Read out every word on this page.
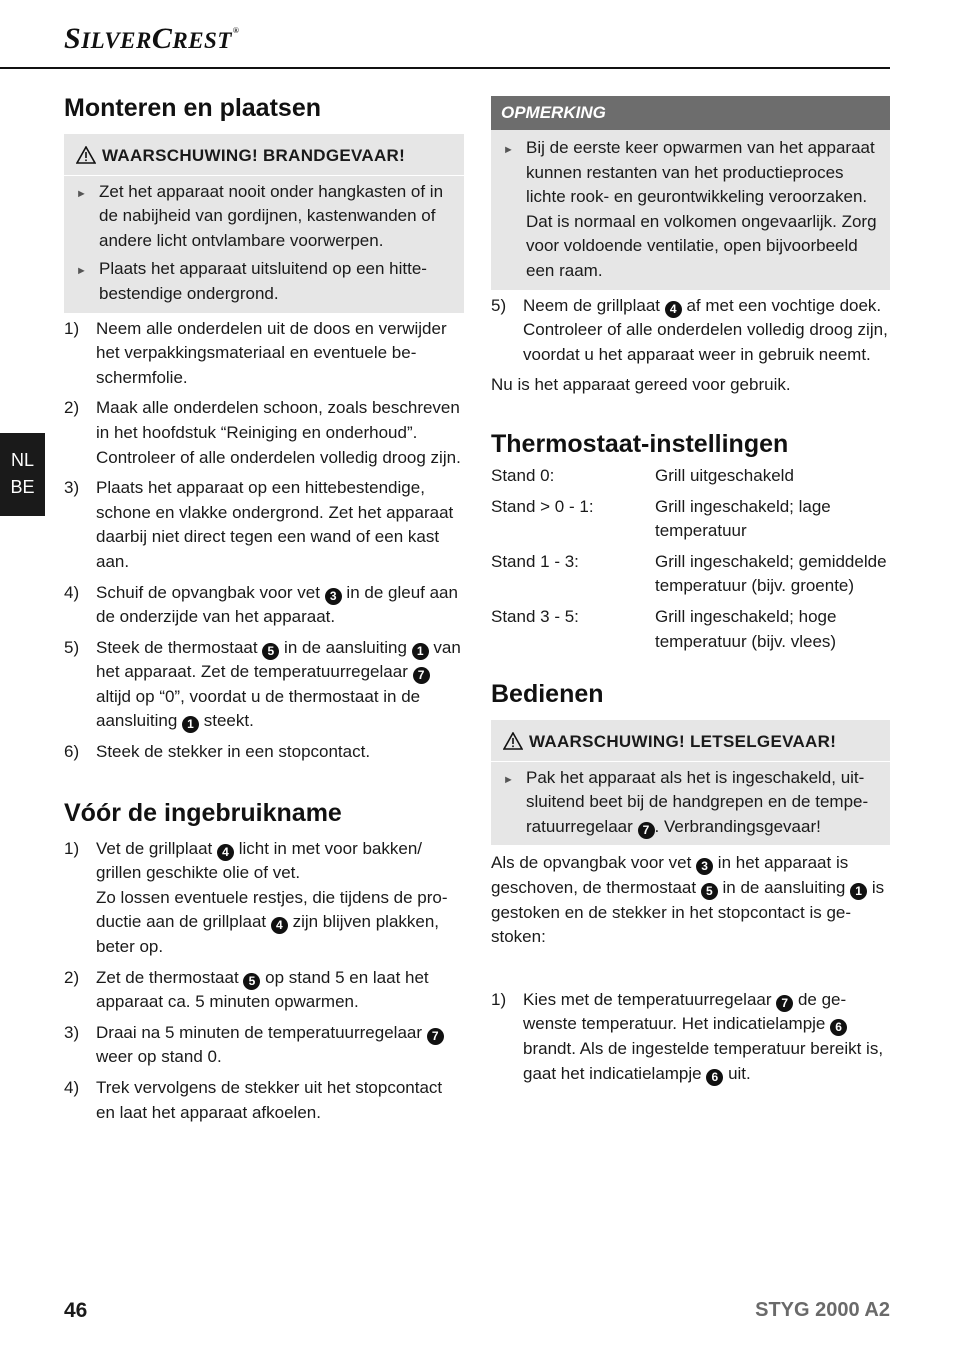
SILVERCREST®
NL
BE
Monteren en plaatsen
WAARSCHUWING! BRANDGEVAAR!
► Zet het apparaat nooit onder hangkasten of in de nabijheid van gordijnen, kastenwanden of andere licht ontvlambare voorwerpen.
► Plaats het apparaat uitsluitend op een hittebestendige ondergrond.
1) Neem alle onderdelen uit de doos en verwijder het verpakkingsmateriaal en eventuele beschermfolie.
2) Maak alle onderdelen schoon, zoals beschreven in het hoofdstuk “Reiniging en onderhoud”. Controleer of alle onderdelen volledig droog zijn.
3) Plaats het apparaat op een hittebestendige, schone en vlakke ondergrond. Zet het apparaat daarbij niet direct tegen een wand of een kast aan.
4) Schuif de opvangbak voor vet 3 in de gleuf aan de onderzijde van het apparaat.
5) Steek de thermostaat 5 in de aansluiting 1 van het apparaat. Zet de temperatuurregelaar 7 altijd op “0”, voordat u de thermostaat in de aansluiting 1 steekt.
6) Steek de stekker in een stopcontact.
Vóór de ingebruikname
1) Vet de grillplaat 4 licht in met voor bakken/ grillen geschikte olie of vet.
Zo lossen eventuele restjes, die tijdens de productie aan de grillplaat 4 zijn blijven plakken, beter op.
2) Zet de thermostaat 5 op stand 5 en laat het apparaat ca. 5 minuten opwarmen.
3) Draai na 5 minuten de temperatuurregelaar 7 weer op stand 0.
4) Trek vervolgens de stekker uit het stopcontact en laat het apparaat afkoelen.
OPMERKING
► Bij de eerste keer opwarmen van het apparaat kunnen restanten van het productieproces lichte rook- en geurontwikkeling veroorzaken. Dat is normaal en volkomen ongevaarlijk. Zorg voor voldoende ventilatie, open bijvoorbeeld een raam.
5) Neem de grillplaat 4 af met een vochtige doek. Controleer of alle onderdelen volledig droog zijn, voordat u het apparaat weer in gebruik neemt.
Nu is het apparaat gereed voor gebruik.
Thermostaat-instellingen
Stand 0:	Grill uitgeschakeld
Stand > 0 - 1:	Grill ingeschakeld; lage temperatuur
Stand 1 - 3:	Grill ingeschakeld; gemiddelde temperatuur (bijv. groente)
Stand 3 - 5:	Grill ingeschakeld; hoge temperatuur (bijv. vlees)
Bedienen
WAARSCHUWING! LETSELGEVAAR!
► Pak het apparaat als het is ingeschakeld, uitsluitend beet bij de handgrepen en de temperatuurregelaar 7 . Verbrandingsgevaar!
Als de opvangbak voor vet 3 in het apparaat is geschoven, de thermostaat 5 in de aansluiting 1 is gestoken en de stekker in het stopcontact is gestoken:
1) Kies met de temperatuurregelaar 7 de gewenste temperatuur. Het indicatielampje 6 brandt. Als de ingestelde temperatuur bereikt is, gaat het indicatielampje 6 uit.
46	STYG 2000 A2
